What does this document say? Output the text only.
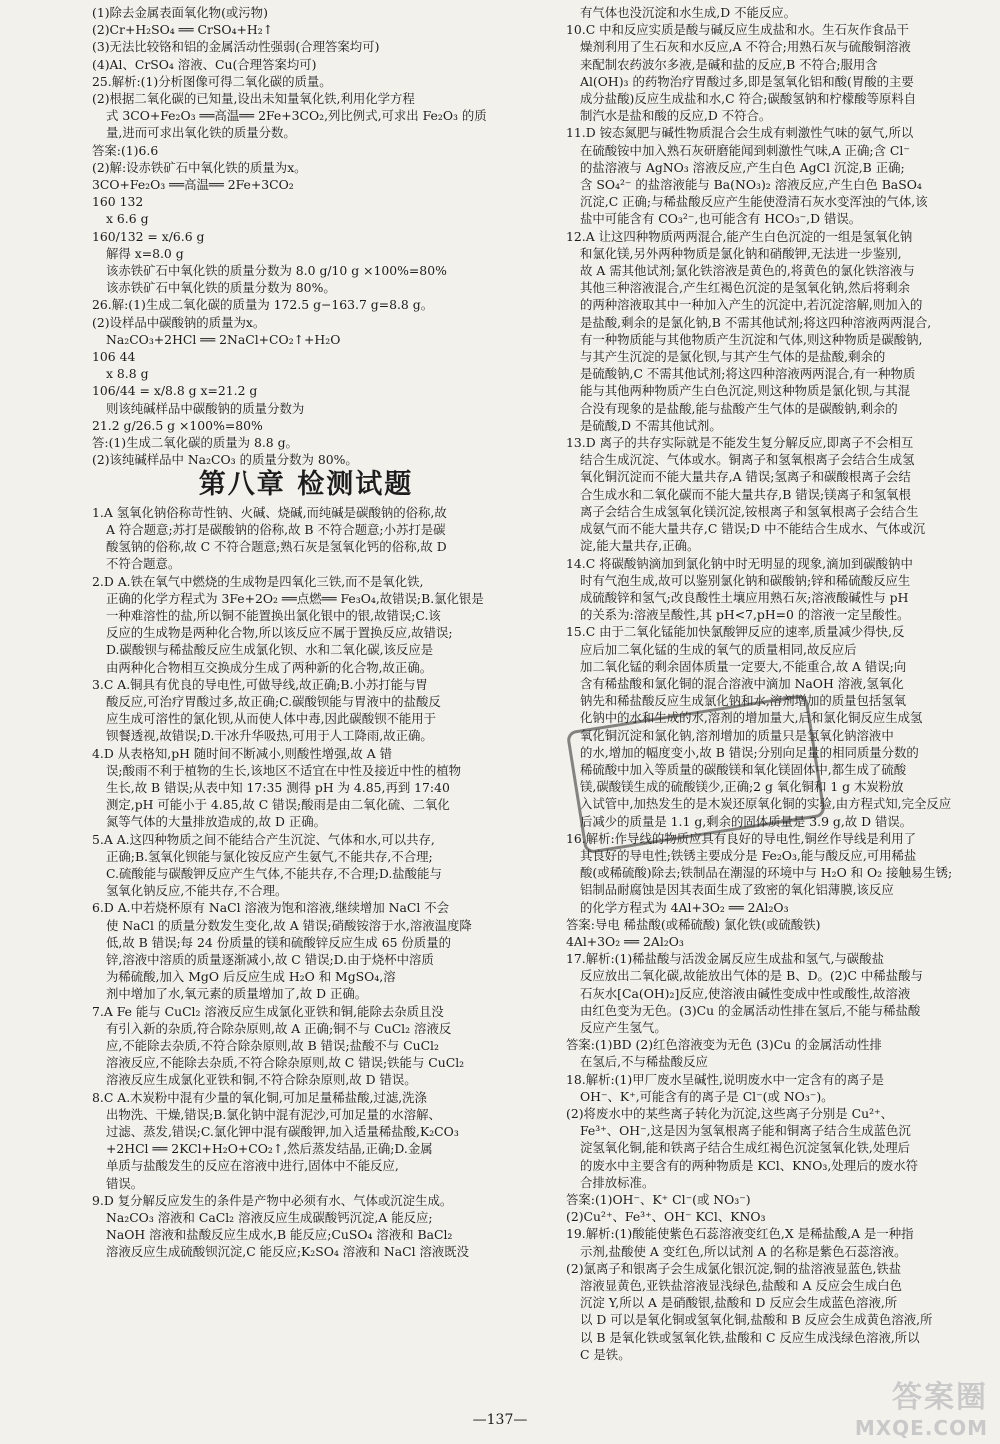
(1)除去金属表面氧化物(或污物)
(2)Cr+H₂SO₄ ══ CrSO₄+H₂↑
(3)无法比较铬和铝的金属活动性强弱(合理答案均可)
(4)Al、CrSO₄ 溶液、Cu(合理答案均可)
25.解析:(1)分析图像可得二氧化碳的质量。
(2)根据二氧化碳的已知量,设出未知量氧化铁,利用化学方程
式 3CO+Fe₂O₃ ══高温══ 2Fe+3CO₂,列比例式,可求出 Fe₂O₃ 的质
量,进而可求出氧化铁的质量分数。
答案:(1)6.6
(2)解:设赤铁矿石中氧化铁的质量为x。
3CO+Fe₂O₃ ══高温══ 2Fe+3CO₂
160 132
x 6.6 g
160/132 = x/6.6 g
解得 x=8.0 g
该赤铁矿石中氧化铁的质量分数为 8.0 g/10 g ×100%=80%
该赤铁矿石中氧化铁的质量分数为 80%。
26.解:(1)生成二氧化碳的质量为 172.5 g−163.7 g=8.8 g。
(2)设样品中碳酸钠的质量为x。
Na₂CO₃+2HCl ══ 2NaCl+CO₂↑+H₂O
106 44
x 8.8 g
106/44 = x/8.8 g x=21.2 g
则该纯碱样品中碳酸钠的质量分数为
21.2 g/26.5 g ×100%=80%
答:(1)生成二氧化碳的质量为 8.8 g。
(2)该纯碱样品中 Na₂CO₃ 的质量分数为 80%。
第八章 检测试题
1.A 氢氧化钠俗称苛性钠、火碱、烧碱,而纯碱是碳酸钠的俗称,故
A 符合题意;苏打是碳酸钠的俗称,故 B 不符合题意;小苏打是碳
酸氢钠的俗称,故 C 不符合题意;熟石灰是氢氧化钙的俗称,故 D
不符合题意。
2.D A.铁在氧气中燃烧的生成物是四氧化三铁,而不是氧化铁,
正确的化学方程式为 3Fe+2O₂ ══点燃══ Fe₃O₄,故错误;B.氯化银是
一种难溶性的盐,所以铜不能置换出氯化银中的银,故错误;C.该
反应的生成物是两种化合物,所以该反应不属于置换反应,故错误;
D.碳酸钡与稀盐酸反应生成氯化钡、水和二氧化碳,该反应是
由两种化合物相互交换成分生成了两种新的化合物,故正确。
3.C A.铜具有优良的导电性,可做导线,故正确;B.小苏打能与胃
酸反应,可治疗胃酸过多,故正确;C.碳酸钡能与胃液中的盐酸反
应生成可溶性的氯化钡,从而使人体中毒,因此碳酸钡不能用于
钡餐透视,故错误;D.干冰升华吸热,可用于人工降雨,故正确。
4.D 从表格知,pH 随时间不断减小,则酸性增强,故 A 错
误;酸雨不利于植物的生长,该地区不适宜在中性及接近中性的植物
生长,故 B 错误;从表中知 17:35 测得 pH 为 4.85,再到 17:40
测定,pH 可能小于 4.85,故 C 错误;酸雨是由二氧化硫、二氧化
氮等气体的大量排放造成的,故 D 正确。
5.A A.这四种物质之间不能结合产生沉淀、气体和水,可以共存,
正确;B.氢氧化钡能与氯化铵反应产生氨气,不能共存,不合理;
C.硫酸能与碳酸钾反应产生气体,不能共存,不合理;D.盐酸能与
氢氧化钠反应,不能共存,不合理。
6.D A.中若烧杯原有 NaCl 溶液为饱和溶液,继续增加 NaCl 不会
使 NaCl 的质量分数发生变化,故 A 错误;硝酸铵溶于水,溶液温度降
低,故 B 错误;每 24 份质量的镁和硫酸锌反应生成 65 份质量的
锌,溶液中溶质的质量逐渐减小,故 C 错误;D.由于烧杯中溶质
为稀硫酸,加入 MgO 后反应生成 H₂O 和 MgSO₄,溶
剂中增加了水,氧元素的质量增加了,故 D 正确。
7.A Fe 能与 CuCl₂ 溶液反应生成氯化亚铁和铜,能除去杂质且没
有引入新的杂质,符合除杂原则,故 A 正确;铜不与 CuCl₂ 溶液反
应,不能除去杂质,不符合除杂原则,故 B 错误;盐酸不与 CuCl₂
溶液反应,不能除去杂质,不符合除杂原则,故 C 错误;铁能与 CuCl₂
溶液反应生成氯化亚铁和铜,不符合除杂原则,故 D 错误。
8.C A.木炭粉中混有少量的氧化铜,可加足量稀盐酸,过滤,洗涤
出物洗、干燥,错误;B.氯化钠中混有泥沙,可加足量的水溶解、
过滤、蒸发,错误;C.氯化钾中混有碳酸钾,加入适量稀盐酸,K₂CO₃
+2HCl ══ 2KCl+H₂O+CO₂↑,然后蒸发结晶,正确;D.金属
单质与盐酸发生的反应在溶液中进行,固体中不能反应,
错误。
9.D 复分解反应发生的条件是产物中必须有水、气体或沉淀生成。
Na₂CO₃ 溶液和 CaCl₂ 溶液反应生成碳酸钙沉淀,A 能反应;
NaOH 溶液和盐酸反应生成水,B 能反应;CuSO₄ 溶液和 BaCl₂
溶液反应生成硫酸钡沉淀,C 能反应;K₂SO₄ 溶液和 NaCl 溶液既没
有气体也没沉淀和水生成,D 不能反应。
10.C 中和反应实质是酸与碱反应生成盐和水。生石灰作食品干
燥剂利用了生石灰和水反应,A 不符合;用熟石灰与硫酸铜溶液
来配制农药波尔多液,是碱和盐的反应,B 不符合;服用含
Al(OH)₃ 的药物治疗胃酸过多,即是氢氧化铝和酸(胃酸的主要
成分盐酸)反应生成盐和水,C 符合;碳酸氢钠和柠檬酸等原料自
制汽水是盐和酸的反应,D 不符合。
11.D 铵态氮肥与碱性物质混合会生成有刺激性气味的氨气,所以
在硫酸铵中加入熟石灰研磨能闻到刺激性气味,A 正确;含 Cl⁻
的盐溶液与 AgNO₃ 溶液反应,产生白色 AgCl 沉淀,B 正确;
含 SO₄²⁻ 的盐溶液能与 Ba(NO₃)₂ 溶液反应,产生白色 BaSO₄
沉淀,C 正确;与稀盐酸反应产生能使澄清石灰水变浑浊的气体,该
盐中可能含有 CO₃²⁻,也可能含有 HCO₃⁻,D 错误。
12.A 让这四种物质两两混合,能产生白色沉淀的一组是氢氧化钠
和氯化镁,另外两种物质是氯化钠和硝酸钾,无法进一步鉴别,
故 A 需其他试剂;氯化铁溶液是黄色的,将黄色的氯化铁溶液与
其他三种溶液混合,产生红褐色沉淀的是氢氧化钠,然后将剩余
的两种溶液取其中一种加入产生的沉淀中,若沉淀溶解,则加入的
是盐酸,剩余的是氯化钠,B 不需其他试剂;将这四种溶液两两混合,
有一种物质能与其他物质产生沉淀和气体,则这种物质是碳酸钠,
与其产生沉淀的是氯化钡,与其产生气体的是盐酸,剩余的
是硫酸钠,C 不需其他试剂;将这四种溶液两两混合,有一种物质
能与其他两种物质产生白色沉淀,则这种物质是氯化钡,与其混
合没有现象的是盐酸,能与盐酸产生气体的是碳酸钠,剩余的
是硫酸,D 不需其他试剂。
13.D 离子的共存实际就是不能发生复分解反应,即离子不会相互
结合生成沉淀、气体或水。铜离子和氢氧根离子会结合生成氢
氧化铜沉淀而不能大量共存,A 错误;氢离子和碳酸根离子会结
合生成水和二氧化碳而不能大量共存,B 错误;镁离子和氢氧根
离子会结合生成氢氧化镁沉淀,铵根离子和氢氧根离子会结合生
成氨气而不能大量共存,C 错误;D 中不能结合生成水、气体或沉
淀,能大量共存,正确。
14.C 将碳酸钠滴加到氯化钠中时无明显的现象,滴加到碳酸钠中
时有气泡生成,故可以鉴别氯化钠和碳酸钠;锌和稀硫酸反应生
成硫酸锌和氢气;改良酸性土壤应用熟石灰;溶液酸碱性与 pH
的关系为:溶液呈酸性,其 pH<7,pH=0 的溶液一定呈酸性。
15.C 由于二氧化锰能加快氯酸钾反应的速率,质量减少得快,反
应后加二氧化锰的生成的氧气的质量相同,故反应后
加二氧化锰的剩余固体质量一定要大,不能重合,故 A 错误;向
含有稀盐酸和氯化铜的混合溶液中滴加 NaOH 溶液,氢氧化
钠先和稀盐酸反应生成氯化钠和水,溶剂增加的质量包括氢氧
化钠中的水和生成的水,溶剂的增加量大,后和氯化铜反应生成氢
氧化铜沉淀和氯化钠,溶剂增加的质量只是氢氧化钠溶液中
的水,增加的幅度变小,故 B 错误;分别向足量的相同质量分数的
稀硫酸中加入等质量的碳酸镁和氧化镁固体中,都生成了硫酸
镁,碳酸镁生成的硫酸镁少,正确;2 g 氧化铜和 1 g 木炭粉放
入试管中,加热发生的是木炭还原氧化铜的实验,由方程式知,完全反应
后减少的质量是 1.1 g,剩余的固体质量是 3.9 g,故 D 错误。
16.解析:作导线的物质应具有良好的导电性,铜丝作导线是利用了
其良好的导电性;铁锈主要成分是 Fe₂O₃,能与酸反应,可用稀盐
酸(或稀硫酸)除去;铁制品在潮湿的环境中与 H₂O 和 O₂ 接触易生锈;
铝制品耐腐蚀是因其表面生成了致密的氧化铝薄膜,该反应
的化学方程式为 4Al+3O₂ ══ 2Al₂O₃
答案:导电 稀盐酸(或稀硫酸) 氯化铁(或硫酸铁)
4Al+3O₂ ══ 2Al₂O₃
17.解析:(1)稀盐酸与活泼金属反应生成盐和氢气,与碳酸盐
反应放出二氧化碳,故能放出气体的是 B、D。(2)C 中稀盐酸与
石灰水[Ca(OH)₂]反应,使溶液由碱性变成中性或酸性,故溶液
由红色变为无色。(3)Cu 的金属活动性排在氢后,不能与稀盐酸
反应产生氢气。
答案:(1)BD (2)红色溶液变为无色 (3)Cu 的金属活动性排
在氢后,不与稀盐酸反应
18.解析:(1)甲厂废水呈碱性,说明废水中一定含有的离子是
OH⁻、K⁺,可能含有的离子是 Cl⁻(或 NO₃⁻)。
(2)将废水中的某些离子转化为沉淀,这些离子分别是 Cu²⁺、
Fe³⁺、OH⁻,这是因为氢氧根离子能和铜离子结合生成蓝色沉
淀氢氧化铜,能和铁离子结合生成红褐色沉淀氢氧化铁,处理后
的废水中主要含有的两种物质是 KCl、KNO₃,处理后的废水符
合排放标准。
答案:(1)OH⁻、K⁺ Cl⁻(或 NO₃⁻)
(2)Cu²⁺、Fe³⁺、OH⁻ KCl、KNO₃
19.解析:(1)酸能使紫色石蕊溶液变红色,X 是稀盐酸,A 是一种指
示剂,盐酸使 A 变红色,所以试剂 A 的名称是紫色石蕊溶液。
(2)氯离子和银离子会生成氯化银沉淀,铜的盐溶液显蓝色,铁盐
溶液显黄色,亚铁盐溶液显浅绿色,盐酸和 A 反应会生成白色
沉淀 Y,所以 A 是硝酸银,盐酸和 D 反应会生成蓝色溶液,所
以 D 可以是氧化铜或氢氧化铜,盐酸和 B 反应会生成黄色溶液,所
以 B 是氧化铁或氢氧化铁,盐酸和 C 反应生成浅绿色溶液,所以
C 是铁。
—137—
答案圈
MXQE.COM
